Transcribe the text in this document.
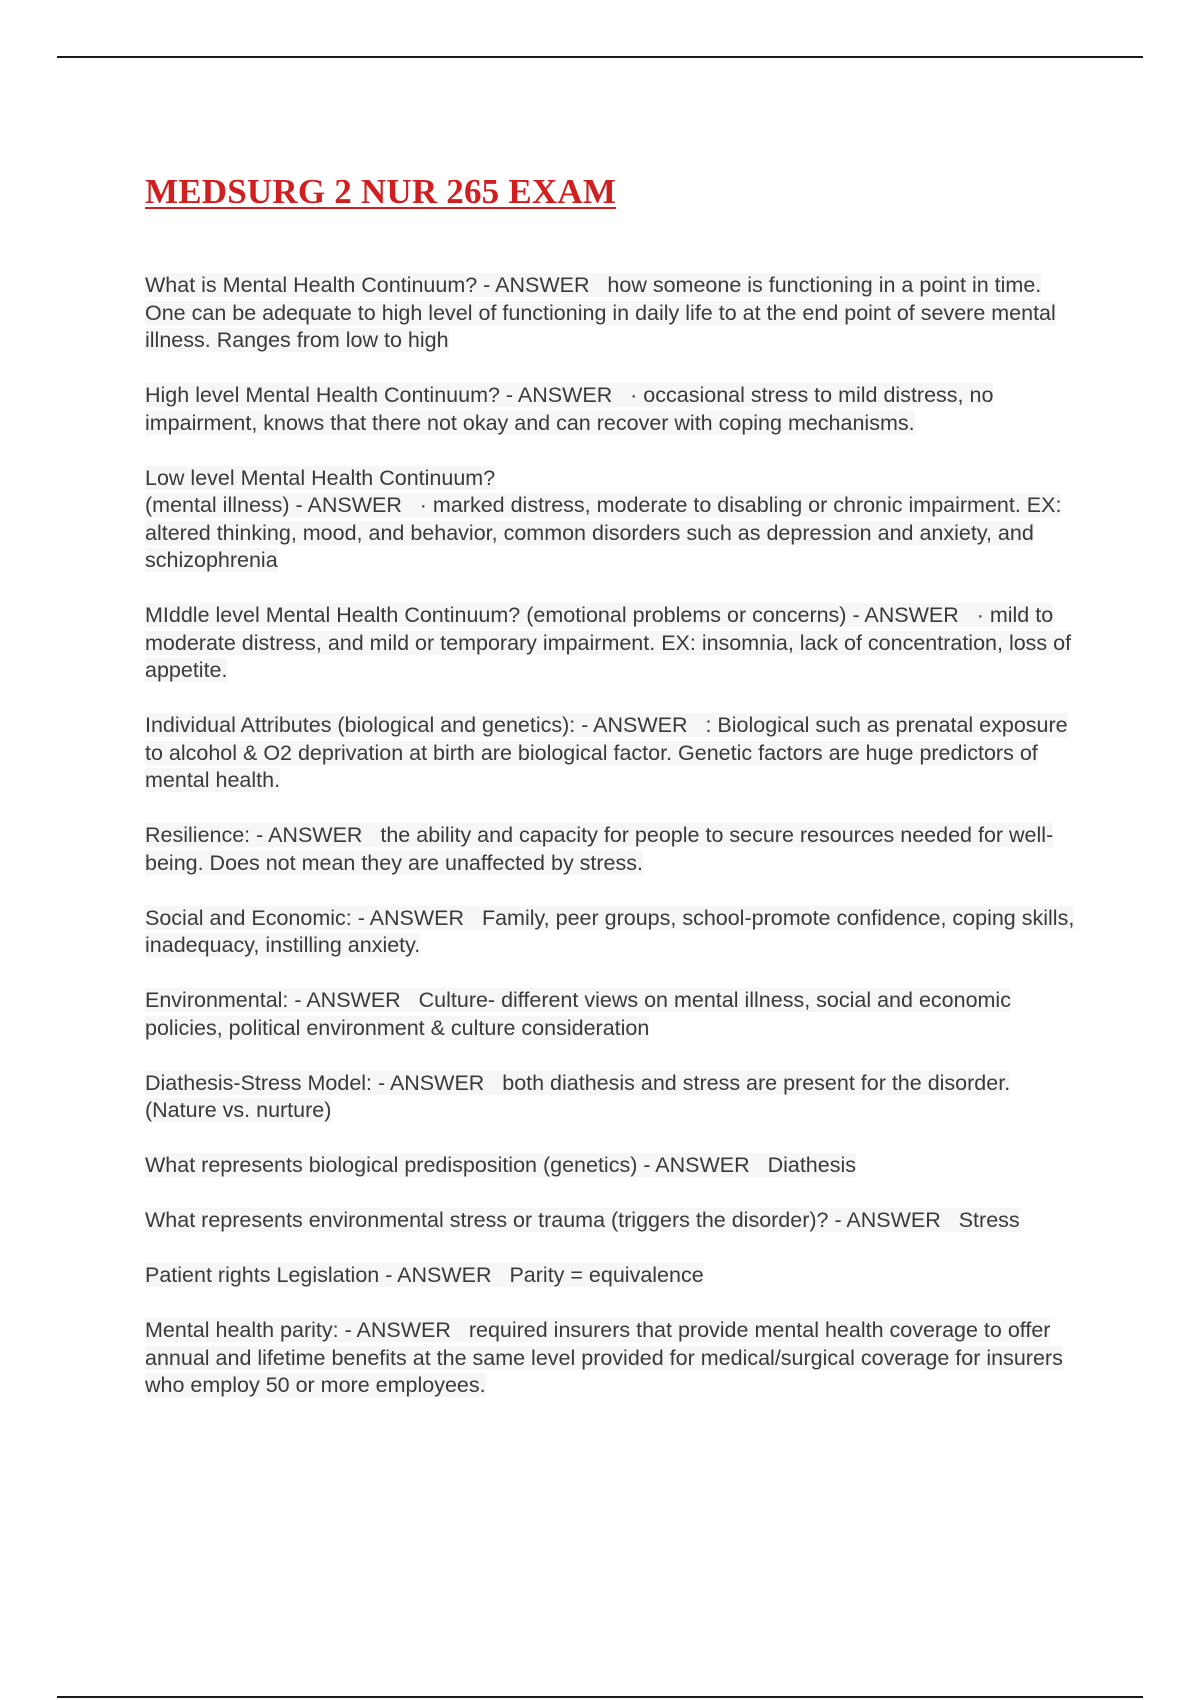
MEDSURG 2 NUR 265 EXAM
What is Mental Health Continuum? - ANSWER how someone is functioning in a point in time. One can be adequate to high level of functioning in daily life to at the end point of severe mental illness. Ranges from low to high
High level Mental Health Continuum? - ANSWER · occasional stress to mild distress, no impairment, knows that there not okay and can recover with coping mechanisms.
Low level Mental Health Continuum?
(mental illness) - ANSWER · marked distress, moderate to disabling or chronic impairment. EX: altered thinking, mood, and behavior, common disorders such as depression and anxiety, and schizophrenia
MIddle level Mental Health Continuum? (emotional problems or concerns) - ANSWER · mild to moderate distress, and mild or temporary impairment. EX: insomnia, lack of concentration, loss of appetite.
Individual Attributes (biological and genetics): - ANSWER : Biological such as prenatal exposure to alcohol & O2 deprivation at birth are biological factor. Genetic factors are huge predictors of mental health.
Resilience: - ANSWER the ability and capacity for people to secure resources needed for well-being. Does not mean they are unaffected by stress.
Social and Economic: - ANSWER Family, peer groups, school-promote confidence, coping skills, inadequacy, instilling anxiety.
Environmental: - ANSWER Culture- different views on mental illness, social and economic policies, political environment & culture consideration
Diathesis-Stress Model: - ANSWER both diathesis and stress are present for the disorder. (Nature vs. nurture)
What represents biological predisposition (genetics) - ANSWER Diathesis
What represents environmental stress or trauma (triggers the disorder)? - ANSWER Stress
Patient rights Legislation - ANSWER Parity = equivalence
Mental health parity: - ANSWER required insurers that provide mental health coverage to offer annual and lifetime benefits at the same level provided for medical/surgical coverage for insurers who employ 50 or more employees.
